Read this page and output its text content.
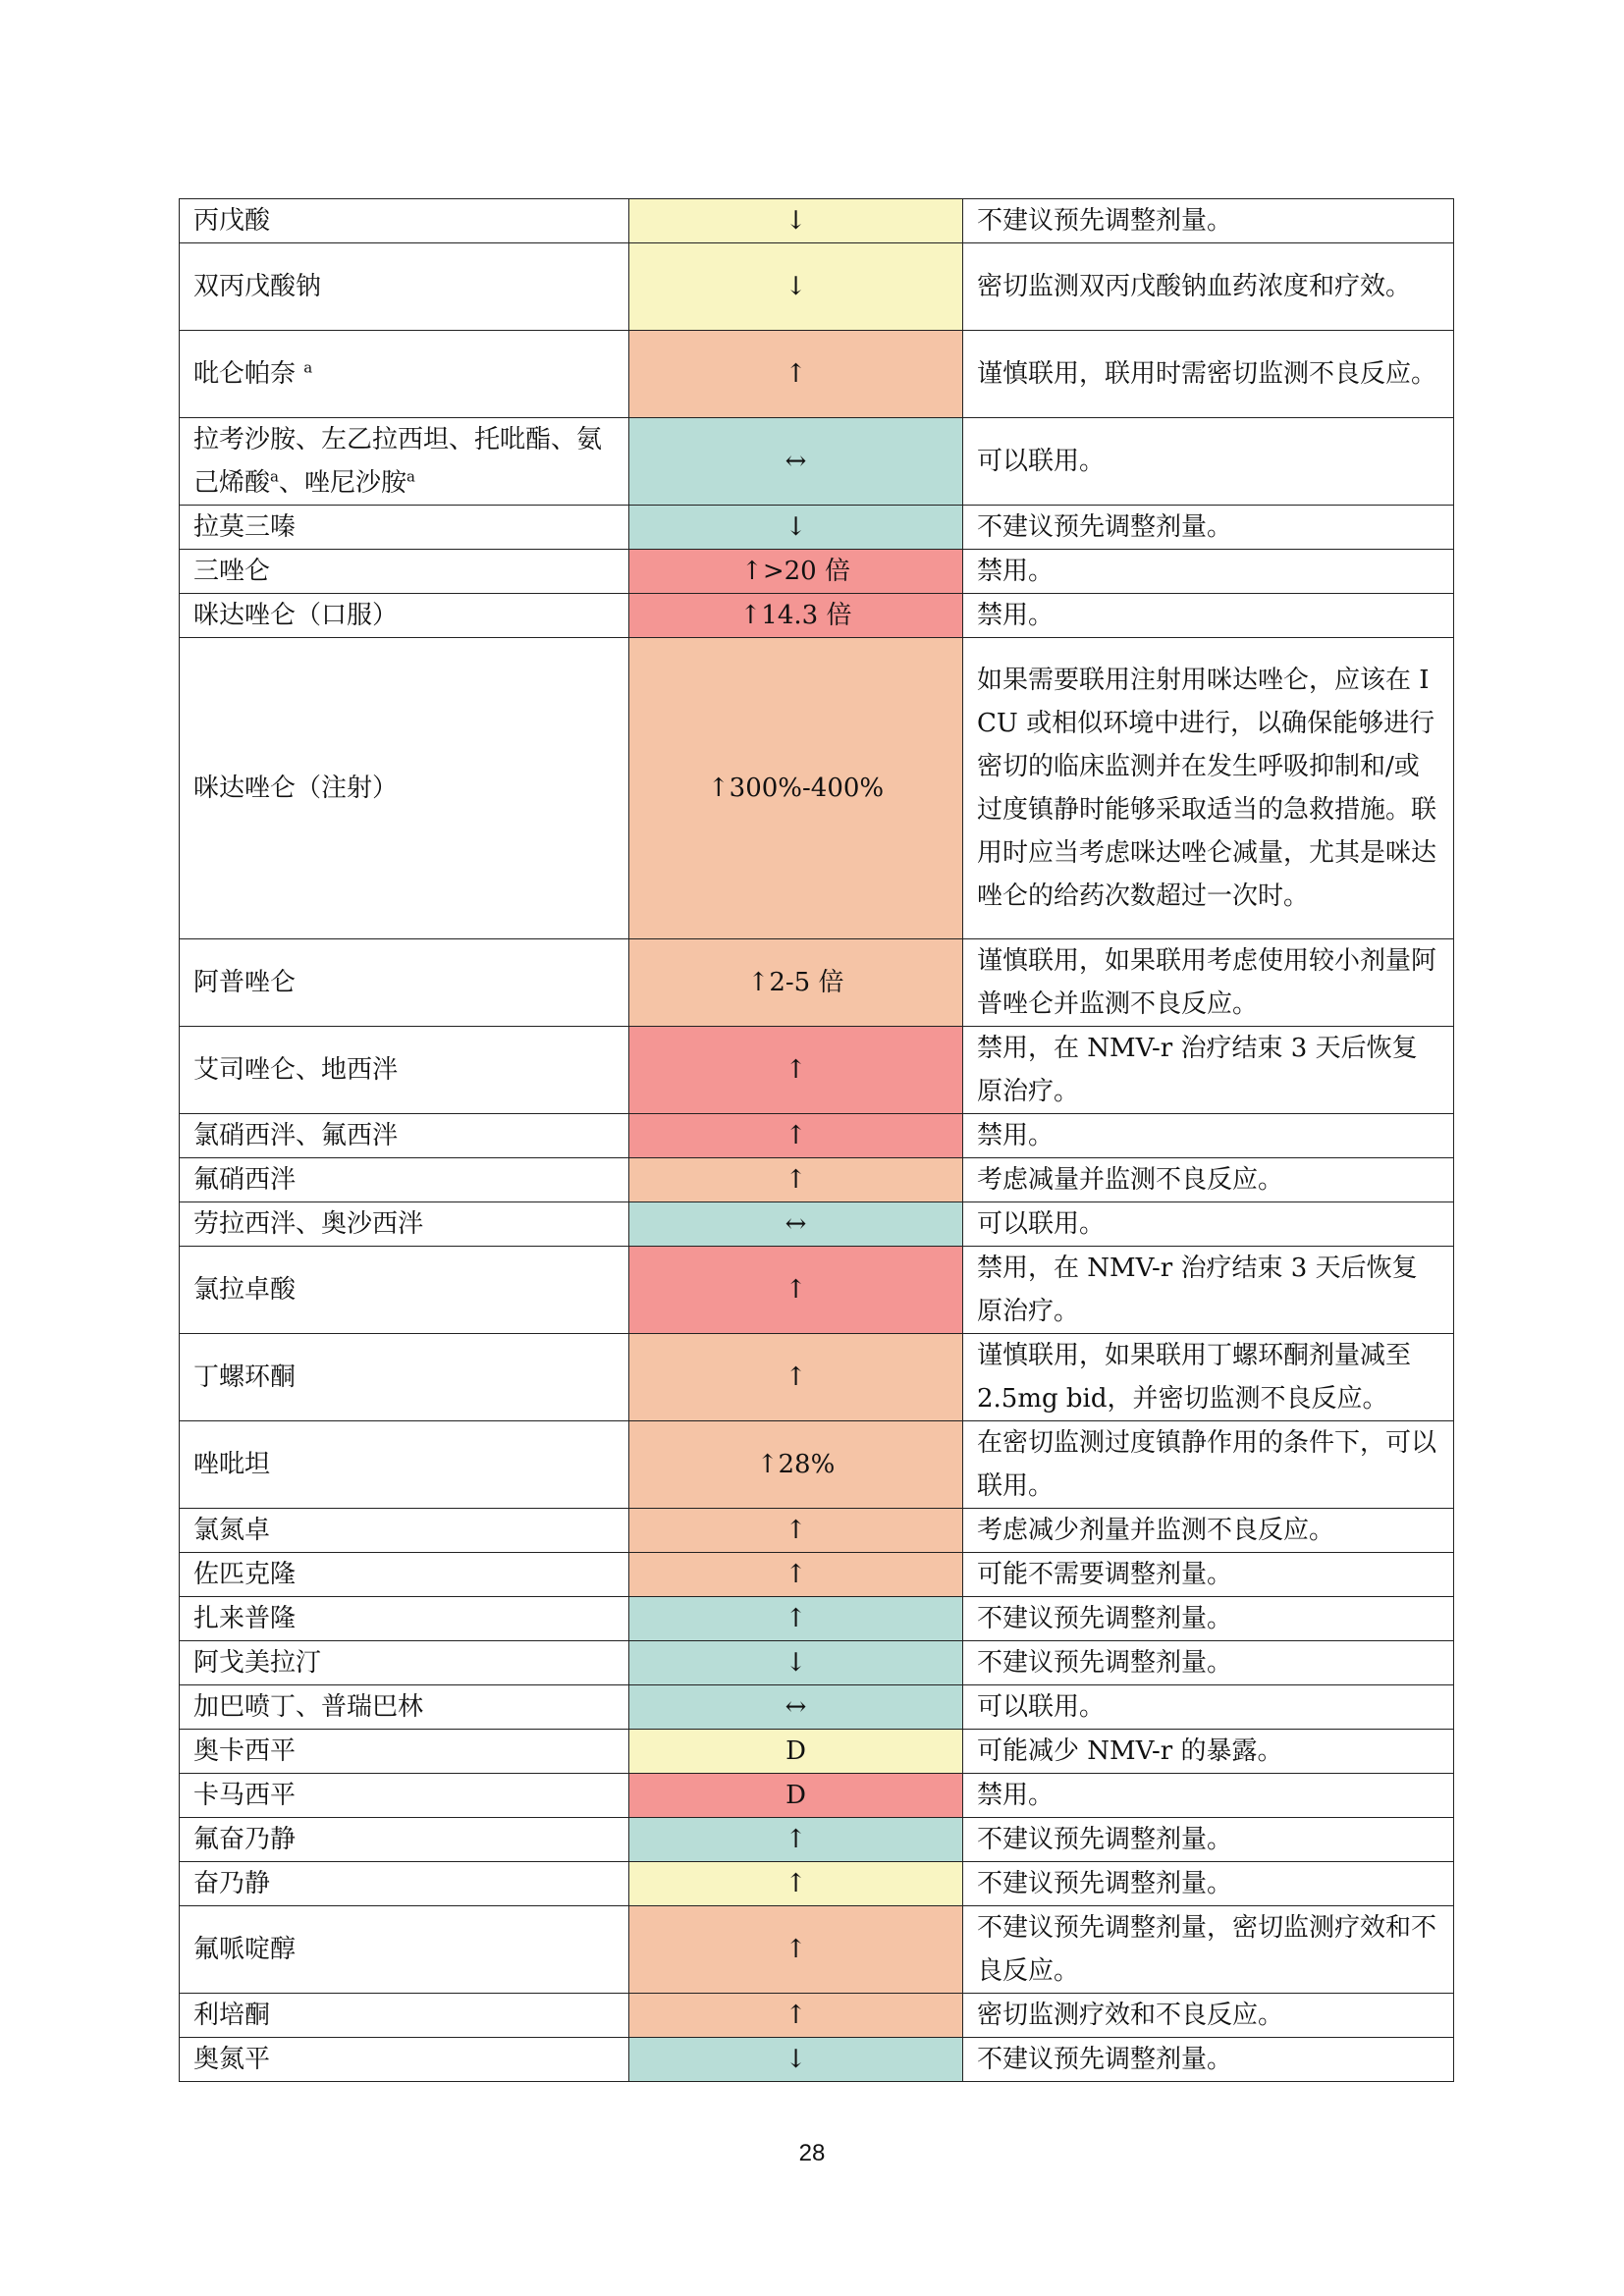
丙戊酸	↓	不建议预先调整剂量。
双丙戊酸钠	↓	密切监测双丙戊酸钠血药浓度和疗效。
吡仑帕奈 $^a$	↑	谨慎联用，联用时需密切监测不良反应。
拉考沙胺、左乙拉西坦、托吡酯、氨己烯酸$^a$、唑尼沙胺$^a$	↔	可以联用。
拉莫三嗪	↓	不建议预先调整剂量。
三唑仑	↑>20 倍	禁用。
咪达唑仑（口服）	↑14.3 倍	禁用。
咪达唑仑（注射）	↑300%-400%	如果需要联用注射用咪达唑仑，应该在 ICU 或相似环境中进行，以确保能够进行密切的临床监测并在发生呼吸抑制和/或过度镇静时能够采取适当的急救措施。联用时应当考虑咪达唑仑减量，尤其是咪达唑仑的给药次数超过一次时。
阿普唑仑	↑2-5 倍	谨慎联用，如果联用考虑使用较小剂量阿普唑仑并监测不良反应。
艾司唑仑、地西泮	↑	禁用，在 NMV-r 治疗结束 3 天后恢复原治疗。
氯硝西泮、氟西泮	↑	禁用。
氟硝西泮	↑	考虑减量并监测不良反应。
劳拉西泮、奥沙西泮	↔	可以联用。
氯拉卓酸	↑	禁用，在 NMV-r 治疗结束 3 天后恢复原治疗。
丁螺环酮	↑	谨慎联用，如果联用丁螺环酮剂量减至 2.5mg bid，并密切监测不良反应。
唑吡坦	↑28%	在密切监测过度镇静作用的条件下，可以联用。
氯氮卓	↑	考虑减少剂量并监测不良反应。
佐匹克隆	↑	可能不需要调整剂量。
扎来普隆	↑	不建议预先调整剂量。
阿戈美拉汀	↓	不建议预先调整剂量。
加巴喷丁、普瑞巴林	↔	可以联用。
奥卡西平	D	可能减少 NMV-r 的暴露。
卡马西平	D	禁用。
氟奋乃静	↑	不建议预先调整剂量。
奋乃静	↑	不建议预先调整剂量。
氟哌啶醇	↑	不建议预先调整剂量，密切监测疗效和不良反应。
利培酮	↑	密切监测疗效和不良反应。
奥氮平	↓	不建议预先调整剂量。
28
